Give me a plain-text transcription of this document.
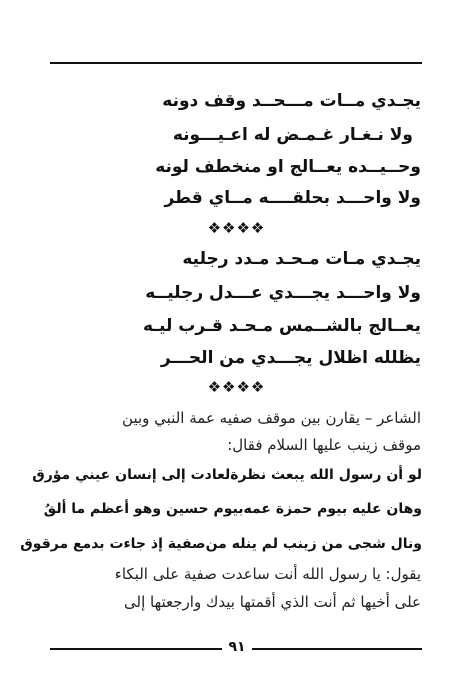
يجـدي مــات مـــحــد وقف دونه
ولا نـغـار غـمـض له اعـيـــونه
وحــيــده يعــالج او منخطف لونه
ولا واحـــد بحلقــــه مــاي قطر
❖❖❖❖
يجـدي مـات مـحـد مـدد رجليه
ولا واحـــد يجـــدي عـــدل رجليــه
يعــالج بالشــمس مـحـد قـرب ليـه
يظلله اظلال يجـــدي من الحـــر
❖❖❖❖
الشاعر – يقارن بين موقف صفيه عمة النبي وبين
موقف زينب عليها السلام فقال:
لو أن رسول الله يبعث نظرة
لعادت إلى إنسان عيني مؤرق
وهان عليه بيوم حمزة عمه
بيوم حسين وهو أعظم ما ألقُ
ونال شجى من زينب لم ينله من
صفية إذ جاءت بدمع مرقوق
يقول: يا رسول الله أنت ساعدت صفية على البكاء
على أخيها ثم أنت الذي أقمتها بيدك وارجعتها إلى
٩١
